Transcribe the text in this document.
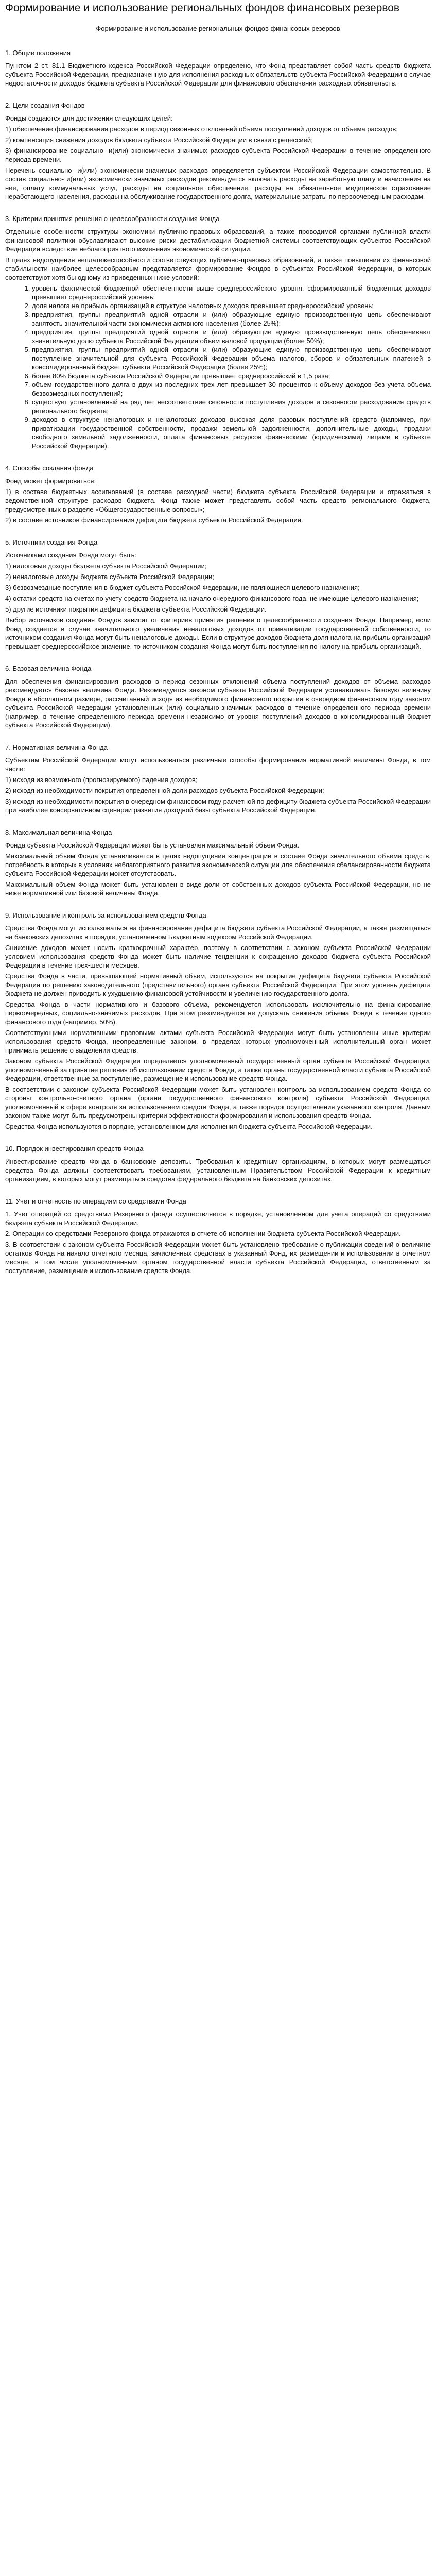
Формирование и использование региональных фондов финансовых резервов
Формирование и использование региональных фондов финансовых резервов
1. Общие положения

Пунктом 2 ст. 81.1 Бюджетного кодекса Российской Федерации определено, что Фонд представляет собой часть средств бюджета субъекта Российской Федерации, предназначенную для исполнения расходных обязательств субъекта Российской Федерации в случае недостаточности доходов бюджета субъекта Российской Федерации для финансового обеспечения расходных обязательств.

2. Цели создания Фондов

Фонды создаются для достижения следующих целей:

1) обеспечение финансирования расходов в период сезонных отклонений объема поступлений доходов от объема расходов;

2) компенсация снижения доходов бюджета субъекта Российской Федерации в связи с рецессией;

3) финансирование социально- и(или) экономически значимых расходов субъекта Российской Федерации в течение определенного периода времени.

Перечень социально- и(или) экономически-значимых расходов определяется субъектом Российской Федерации самостоятельно. В состав социально- и(или) экономически значимых расходов рекомендуется включать расходы на заработную плату и начисления на нее, оплату коммунальных услуг, расходы на социальное обеспечение, расходы на обязательное медицинское страхование неработающего населения, расходы на обслуживание государственного долга, материальные затраты по первоочередным расходам.

3. Критерии принятия решения о целесообразности создания Фонда

Отдельные особенности структуры экономики публично-правовых образований, а также проводимой органами публичной власти финансовой политики обуславливают высокие риски дестабилизации бюджетной системы соответствующих субъектов Российской Федерации вследствие неблагоприятного изменения экономической ситуации.

В целях недопущения неплатежеспособности соответствующих публично-правовых образований, а также повышения их финансовой стабильности наиболее целесообразным представляется формирование Фондов в субъектах Российской Федерации, в которых соответствуют хотя бы одному из приведенных ниже условий:

1. уровень фактической бюджетной обеспеченности выше среднероссийского уровня, сформированный бюджетных доходов превышает среднероссийский уровень;
2. доля налога на прибыль организаций в структуре налоговых доходов превышает среднероссийский уровень;
3. предприятия, группы предприятий одной отрасли и (или) образующие единую производственную цепь обеспечивают занятость значительной части экономически активного населения (более 25%);
4. предприятия, группы предприятий одной отрасли и (или) образующие единую производственную цепь обеспечивают значительную долю субъекта Российской Федерации объем валовой продукции (более 50%);
5. предприятия, группы предприятий одной отрасли и (или) образующие единую производственную цепь обеспечивают поступление значительной для субъекта Российской Федерации объема налогов, сборов и обязательных платежей в консолидированный бюджет субъекта Российской Федерации (более 25%);
6. более 80% бюджета субъекта Российской Федерации превышает среднероссийский в 1,5 раза;
7. объем государственного долга в двух из последних трех лет превышает 30 процентов к объему доходов без учета объема безвозмездных поступлений;
8. существует установленный на ряд лет несоответствие сезонности поступления доходов и сезонности расходования средств регионального бюджета;
9. доходов в структуре неналоговых и неналоговых доходов высокая доля разовых поступлений средств (например, при приватизации государственной собственности, продажи земельной задолженности, дополнительные доходы, продажи свободного земельной задолженности, оплата финансовых ресурсов физическими (юридическими) лицами в субъекте Российской Федерации).
4. Способы создания фонда

Фонд может формироваться:

1) в составе бюджетных ассигнований (в составе расходной части) бюджета субъекта Российской Федерации и отражаться в ведомственной структуре расходов бюджета. Фонд также может представлять собой часть средств регионального бюджета, предусмотренных в разделе «Общегосударственные вопросы»;

2) в составе источников финансирования дефицита бюджета субъекта Российской Федерации.

5. Источники создания Фонда

Источниками создания Фонда могут быть:

1) налоговые доходы бюджета субъекта Российской Федерации;

2) неналоговые доходы бюджета субъекта Российской Федерации;

3) безвозмездные поступления в бюджет субъекта Российской Федерации, не являющиеся целевого назначения;

4) остатки средств на счетах по учету средств бюджета на начало очередного финансового года, не имеющие целевого назначения;

5) другие источники покрытия дефицита бюджета субъекта Российской Федерации.

Выбор источников создания Фондов зависит от критериев принятия решения о целесообразности создания Фонда. Например, если Фонд создается в случае значительного увеличения неналоговых доходов от приватизации государственной собственности, то источником создания Фонда могут быть неналоговые доходы. Если в структуре доходов бюджета доля налога на прибыль организаций превышает среднероссийское значение, то источником создания Фонда могут быть поступления по налогу на прибыль организаций.

6. Базовая величина Фонда

Для обеспечения финансирования расходов в период сезонных отклонений объема поступлений доходов от объема расходов рекомендуется базовая величина Фонда. Рекомендуется законом субъекта Российской Федерации устанавливать базовую величину Фонда в абсолютном размере, рассчитанный исходя из необходимого финансового покрытия в очередном финансовом году законом субъекта Российской Федерации установленных (или) социально-значимых расходов в течение определенного периода времени (например, в течение определенного периода времени независимо от уровня поступлений доходов в консолидированный бюджет субъекта Российской Федерации).

7. Нормативная величина Фонда

Субъектам Российской Федерации могут использоваться различные способы формирования нормативной величины Фонда, в том числе:

1) исходя из возможного (прогнозируемого) падения доходов;

2) исходя из необходимости покрытия определенной доли расходов субъекта Российской Федерации;

3) исходя из необходимости покрытия в очередном финансовом году расчетной по дефициту бюджета субъекта Российской Федерации при наиболее консервативном сценарии развития доходной базы субъекта Российской Федерации.

8. Максимальная величина Фонда

Фонда субъекта Российской Федерации может быть установлен максимальный объем Фонда.

Максимальный объем Фонда устанавливается в целях недопущения концентрации в составе Фонда значительного объема средств, потребность в которых в условиях неблагоприятного развития экономической ситуации для обеспечения сбалансированности бюджета субъекта Российской Федерации может отсутствовать.

Максимальный объем Фонда может быть установлен в виде доли от собственных доходов субъекта Российской Федерации, но не ниже нормативной или базовой величины Фонда.

9. Использование и контроль за использованием средств Фонда

Средства Фонда могут использоваться на финансирование дефицита бюджета субъекта Российской Федерации, а также размещаться на банковских депозитах в порядке, установленном Бюджетным кодексом Российской Федерации.

Снижение доходов может носить краткосрочный характер, поэтому в соответствии с законом субъекта Российской Федерации условием использования средств Фонда может быть наличие тенденции к сокращению доходов бюджета субъекта Российской Федерации в течение трех-шести месяцев.

Средства Фонда в части, превышающей нормативный объем, используются на покрытие дефицита бюджета субъекта Российской Федерации по решению законодательного (представительного) органа субъекта Российской Федерации. При этом уровень дефицита бюджета не должен приводить к ухудшению финансовой устойчивости и увеличению государственного долга.

Средства Фонда в части нормативного и базового объема, рекомендуется использовать исключительно на финансирование первоочередных, социально-значимых расходов. При этом рекомендуется не допускать снижения объема Фонда в течение одного финансового года (например, 50%).

Соответствующими нормативными правовыми актами субъекта Российской Федерации могут быть установлены иные критерии использования средств Фонда, неопределенные законом, в пределах которых уполномоченный исполнительный орган может принимать решение о выделении средств.

Законом субъекта Российской Федерации определяется уполномоченный государственный орган субъекта Российской Федерации, уполномоченный за принятие решения об использовании средств Фонда, а также органы государственной власти субъекта Российской Федерации, ответственные за поступление, размещение и использование средств Фонда.

В соответствии с законом субъекта Российской Федерации может быть установлен контроль за использованием средств Фонда со стороны контрольно-счетного органа (органа государственного финансового контроля) субъекта Российской Федерации, уполномоченный в сфере контроля за использованием средств Фонда, а также порядок осуществления указанного контроля. Данным законом также могут быть предусмотрены критерии эффективности формирования и использования средств Фонда.

Средства Фонда используются в порядке, установленном для исполнения бюджета субъекта Российской Федерации.

10. Порядок инвестирования средств Фонда

Инвестирование средств Фонда в банковские депозиты. Требования к кредитным организациям, в которых могут размещаться средства Фонда должны соответствовать требованиям, установленным Правительством Российской Федерации к кредитным организациям, в которых могут размещаться средства федерального бюджета на банковских депозитах.

11. Учет и отчетность по операциям со средствами Фонда

1. Учет операций со средствами Резервного фонда осуществляется в порядке, установленном для учета операций со средствами бюджета субъекта Российской Федерации.

2. Операции со средствами Резервного фонда отражаются в отчете об исполнении бюджета субъекта Российской Федерации.

3. В соответствии с законом субъекта Российской Федерации может быть установлено требование о публикации сведений о величине остатков Фонда на начало отчетного месяца, зачисленных средствах в указанный Фонд, их размещении и использовании в отчетном месяце, в том числе уполномоченным органом государственной власти субъекта Российской Федерации, ответственным за поступление, размещение и использование средств Фонда.
